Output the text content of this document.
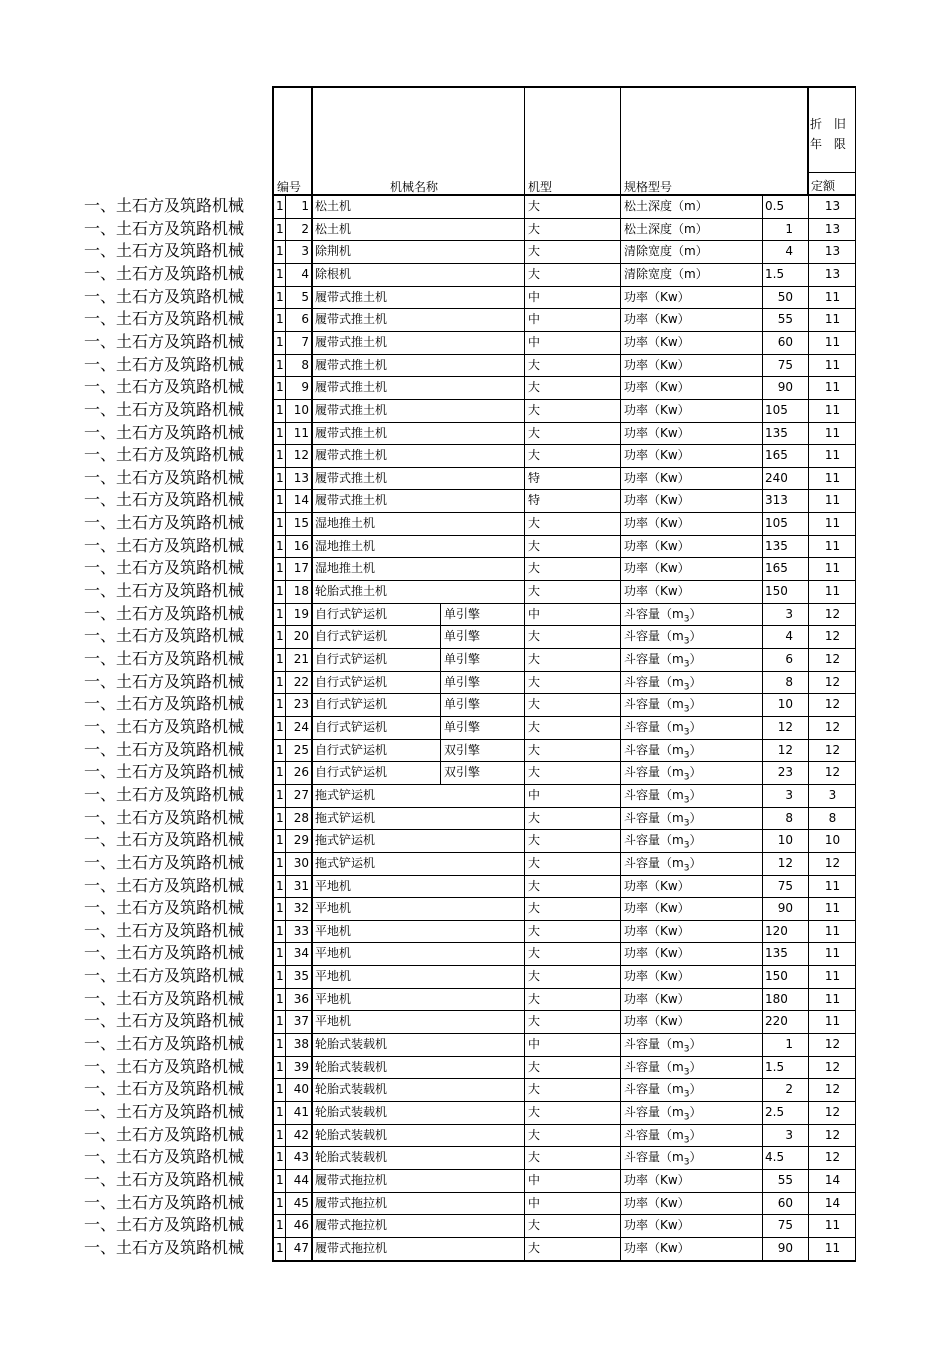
编号	机械名称	机型	规格型号
折 旧 年 限
定额
一、土石方及筑路机械	1	1 松土机	大	松土深度（m）	0.5	13
一、土石方及筑路机械	1	2 松土机	大	松土深度（m）	1	13
一、土石方及筑路机械	1	3 除荆机	大	清除宽度（m）	4	13
一、土石方及筑路机械	1	4 除根机	大	清除宽度（m）	1.5	13
一、土石方及筑路机械	1	5 履带式推土机	中	功率（Kw）	50	11
一、土石方及筑路机械	1	6 履带式推土机	中	功率（Kw）	55	11
一、土石方及筑路机械	1	7 履带式推土机	中	功率（Kw）	60	11
一、土石方及筑路机械	1	8 履带式推土机	大	功率（Kw）	75	11
一、土石方及筑路机械	1	9 履带式推土机	大	功率（Kw）	90	11
一、土石方及筑路机械	1 10 履带式推土机	大	功率（Kw）	105	11
一、土石方及筑路机械	1 11 履带式推土机	大	功率（Kw）	135	11
一、土石方及筑路机械	1 12 履带式推土机	大	功率（Kw）	165	11
一、土石方及筑路机械	1 13 履带式推土机	特	功率（Kw）	240	11
一、土石方及筑路机械	1 14 履带式推土机	特	功率（Kw）	313	11
一、土石方及筑路机械	1 15 湿地推土机	大	功率（Kw）	105	11
一、土石方及筑路机械	1 16 湿地推土机	大	功率（Kw）	135	11
一、土石方及筑路机械	1 17 湿地推土机	大	功率（Kw）	165	11
一、土石方及筑路机械	1 18 轮胎式推土机	大	功率（Kw）	150	11
一、土石方及筑路机械	1 19 自行式铲运机	单引擎	中	斗容量$(m_3)$	3	12
一、土石方及筑路机械	1 20 自行式铲运机	单引擎	大	斗容量$(m_3)$	4	12
一、土石方及筑路机械	1 21 自行式铲运机	单引擎	大	斗容量$(m_3)$	6	12
一、土石方及筑路机械	1 22 自行式铲运机	单引擎	大	斗容量$(m_3)$	8	12
一、土石方及筑路机械	1 23 自行式铲运机	单引擎	大	斗容量$(m_3)$	10	12
一、土石方及筑路机械	1 24 自行式铲运机	单引擎	大	斗容量$(m_3)$	12	12
一、土石方及筑路机械	1 25 自行式铲运机	双引擎	大	斗容量$(m_3)$	12	12
一、土石方及筑路机械	1 26 自行式铲运机	双引擎	大	斗容量$(m_3)$	23	12
一、土石方及筑路机械	1 27 拖式铲运机	中	斗容量$(m_3)$	3	3
一、土石方及筑路机械	1 28 拖式铲运机	大	斗容量$(m_3)$	8	8
一、土石方及筑路机械	1 29 拖式铲运机	大	斗容量$(m_3)$	10	10
一、土石方及筑路机械	1 30 拖式铲运机	大	斗容量$(m_3)$	12	12
一、土石方及筑路机械	1 31 平地机	大	功率（Kw）	75	11
一、土石方及筑路机械	1 32 平地机	大	功率（Kw）	90	11
一、土石方及筑路机械	1 33 平地机	大	功率（Kw）	120	11
一、土石方及筑路机械	1 34 平地机	大	功率（Kw）	135	11
一、土石方及筑路机械	1 35 平地机	大	功率（Kw）	150	11
一、土石方及筑路机械	1 36 平地机	大	功率（Kw）	180	11
一、土石方及筑路机械	1 37 平地机	大	功率（Kw）	220	11
一、土石方及筑路机械	1 38 轮胎式装载机	中	斗容量$(m_3)$	1	12
一、土石方及筑路机械	1 39 轮胎式装载机	大	斗容量$(m_3)$	1.5	12
一、土石方及筑路机械	1 40 轮胎式装载机	大	斗容量$(m_3)$	2	12
一、土石方及筑路机械	1 41 轮胎式装载机	大	斗容量$(m_3)$	2.5	12
一、土石方及筑路机械	1 42 轮胎式装载机	大	斗容量$(m_3)$	3	12
一、土石方及筑路机械	1 43 轮胎式装载机	大	斗容量$(m_3)$	4.5	12
一、土石方及筑路机械	1 44 履带式拖拉机	中	功率（Kw）	55	14
一、土石方及筑路机械	1 45 履带式拖拉机	中	功率（Kw）	60	14
一、土石方及筑路机械	1 46 履带式拖拉机	大	功率（Kw）	75	11
一、土石方及筑路机械	1 47 履带式拖拉机	大	功率（Kw）	90	11
